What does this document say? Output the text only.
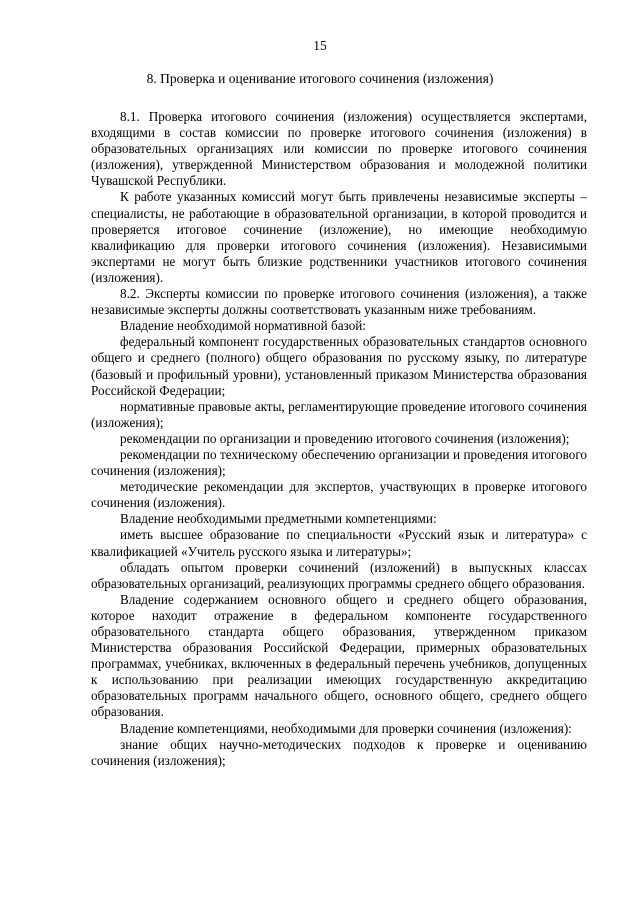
15
8. Проверка и оценивание итогового сочинения (изложения)

8.1. Проверка итогового сочинения (изложения) осуществляется экспертами, входящими в состав комиссии по проверке итогового сочинения (изложения) в образовательных организациях или комиссии по проверке итогового сочинения (изложения), утвержденной Министерством образования и молодежной политики Чувашской Республики.

К работе указанных комиссий могут быть привлечены независимые эксперты – специалисты, не работающие в образовательной организации, в которой проводится и проверяется итоговое сочинение (изложение), но имеющие необходимую квалификацию для проверки итогового сочинения (изложения). Независимыми экспертами не могут быть близкие родственники участников итогового сочинения (изложения).

8.2. Эксперты комиссии по проверке итогового сочинения (изложения), а также независимые эксперты должны соответствовать указанным ниже требованиям.

Владение необходимой нормативной базой:

федеральный компонент государственных образовательных стандартов основного общего и среднего (полного) общего образования по русскому языку, по литературе (базовый и профильный уровни), установленный приказом Министерства образования Российской Федерации;

нормативные правовые акты, регламентирующие проведение итогового сочинения (изложения);

рекомендации по организации и проведению итогового сочинения (изложения);

рекомендации по техническому обеспечению организации и проведения итогового сочинения (изложения);

методические рекомендации для экспертов, участвующих в проверке итогового сочинения (изложения).

Владение необходимыми предметными компетенциями:

иметь высшее образование по специальности «Русский язык и литература» с квалификацией «Учитель русского языка и литературы»;

обладать опытом проверки сочинений (изложений) в выпускных классах образовательных организаций, реализующих программы среднего общего образования.

Владение содержанием основного общего и среднего общего образования, которое находит отражение в федеральном компоненте государственного образовательного стандарта общего образования, утвержденном приказом Министерства образования Российской Федерации, примерных образовательных программах, учебниках, включенных в федеральный перечень учебников, допущенных к использованию при реализации имеющих государственную аккредитацию образовательных программ начального общего, основного общего, среднего общего образования.

Владение компетенциями, необходимыми для проверки сочинения (изложения):

знание общих научно-методических подходов к проверке и оцениванию сочинения (изложения);
